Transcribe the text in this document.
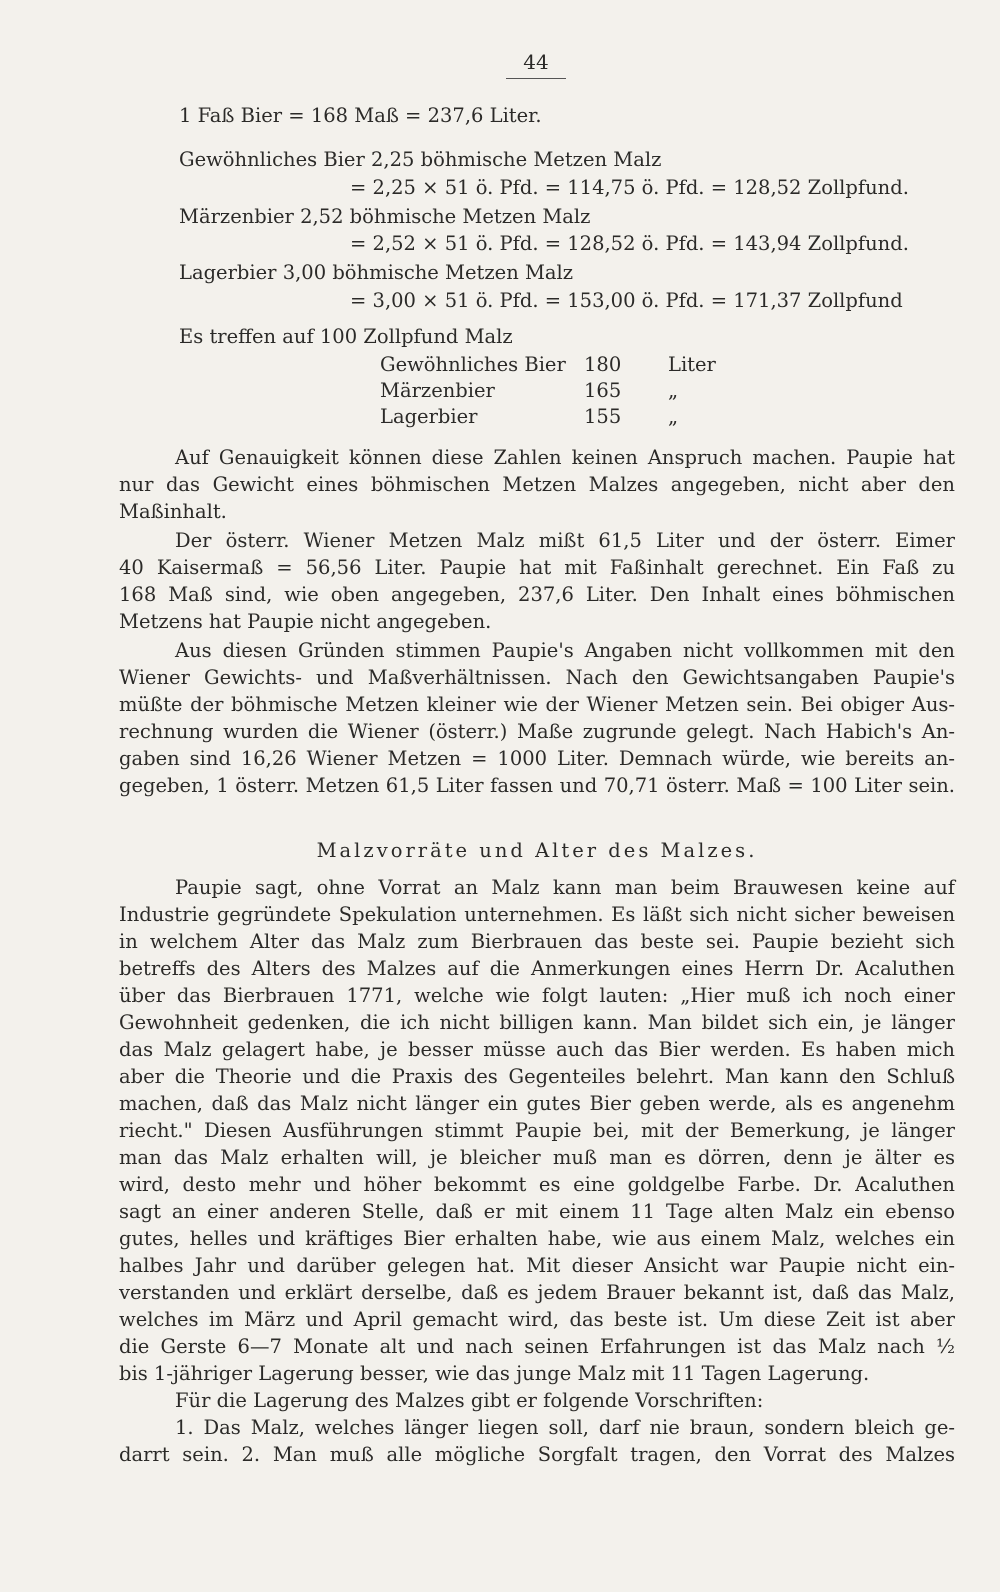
44
1 Faß Bier = 168 Maß = 237,6 Liter.
Gewöhnliches Bier 2,25 böhmische Metzen Malz
= 2,25 × 51 ö. Pfd. = 114,75 ö. Pfd. = 128,52 Zollpfund.
Märzenbier 2,52 böhmische Metzen Malz
= 2,52 × 51 ö. Pfd. = 128,52 ö. Pfd. = 143,94 Zollpfund.
Lagerbier 3,00 böhmische Metzen Malz
= 3,00 × 51 ö. Pfd. = 153,00 ö. Pfd. = 171,37 Zollpfund
Es treffen auf 100 Zollpfund Malz
Gewöhnliches Bier 180	Liter
Märzenbier	165	„
Lagerbier	155	„
Malzvorräte und Alter des Malzes.
Auf Genauigkeit können diese Zahlen keinen Anspruch machen. Paupie hat
nur das Gewicht eines böhmischen Metzen Malzes angegeben, nicht aber den
Maßinhalt.
Der österr. Wiener Metzen Malz mißt 61,5 Liter und der österr. Eimer
40 Kaisermaß = 56,56 Liter. Paupie hat mit Faßinhalt gerechnet. Ein Faß zu
168 Maß sind, wie oben angegeben, 237,6 Liter. Den Inhalt eines böhmischen
Metzens hat Paupie nicht angegeben.
Aus diesen Gründen stimmen Paupie's Angaben nicht vollkommen mit den
Wiener Gewichts- und Maßverhältnissen. Nach den Gewichtsangaben Paupie's
müßte der böhmische Metzen kleiner wie der Wiener Metzen sein. Bei obiger Aus-
rechnung wurden die Wiener (österr.) Maße zugrunde gelegt. Nach Habich's An-
gaben sind 16,26 Wiener Metzen = 1000 Liter. Demnach würde, wie bereits an-
gegeben, 1 österr. Metzen 61,5 Liter fassen und 70,71 österr. Maß = 100 Liter sein.
Paupie sagt, ohne Vorrat an Malz kann man beim Brauwesen keine auf
Industrie gegründete Spekulation unternehmen. Es läßt sich nicht sicher beweisen
in welchem Alter das Malz zum Bierbrauen das beste sei. Paupie bezieht sich
betreffs des Alters des Malzes auf die Anmerkungen eines Herrn Dr. Acaluthen
über das Bierbrauen 1771, welche wie folgt lauten: „Hier muß ich noch einer
Gewohnheit gedenken, die ich nicht billigen kann. Man bildet sich ein, je länger
das Malz gelagert habe, je besser müsse auch das Bier werden. Es haben mich
aber die Theorie und die Praxis des Gegenteiles belehrt. Man kann den Schluß
machen, daß das Malz nicht länger ein gutes Bier geben werde, als es angenehm
riecht." Diesen Ausführungen stimmt Paupie bei, mit der Bemerkung, je länger
man das Malz erhalten will, je bleicher muß man es dörren, denn je älter es
wird, desto mehr und höher bekommt es eine goldgelbe Farbe. Dr. Acaluthen
sagt an einer anderen Stelle, daß er mit einem 11 Tage alten Malz ein ebenso
gutes, helles und kräftiges Bier erhalten habe, wie aus einem Malz, welches ein
halbes Jahr und darüber gelegen hat. Mit dieser Ansicht war Paupie nicht ein-
verstanden und erklärt derselbe, daß es jedem Brauer bekannt ist, daß das Malz,
welches im März und April gemacht wird, das beste ist. Um diese Zeit ist aber
die Gerste 6—7 Monate alt und nach seinen Erfahrungen ist das Malz nach ½
bis 1-jähriger Lagerung besser, wie das junge Malz mit 11 Tagen Lagerung.
Für die Lagerung des Malzes gibt er folgende Vorschriften:
1. Das Malz, welches länger liegen soll, darf nie braun, sondern bleich ge-
darrt sein. 2. Man muß alle mögliche Sorgfalt tragen, den Vorrat des Malzes
